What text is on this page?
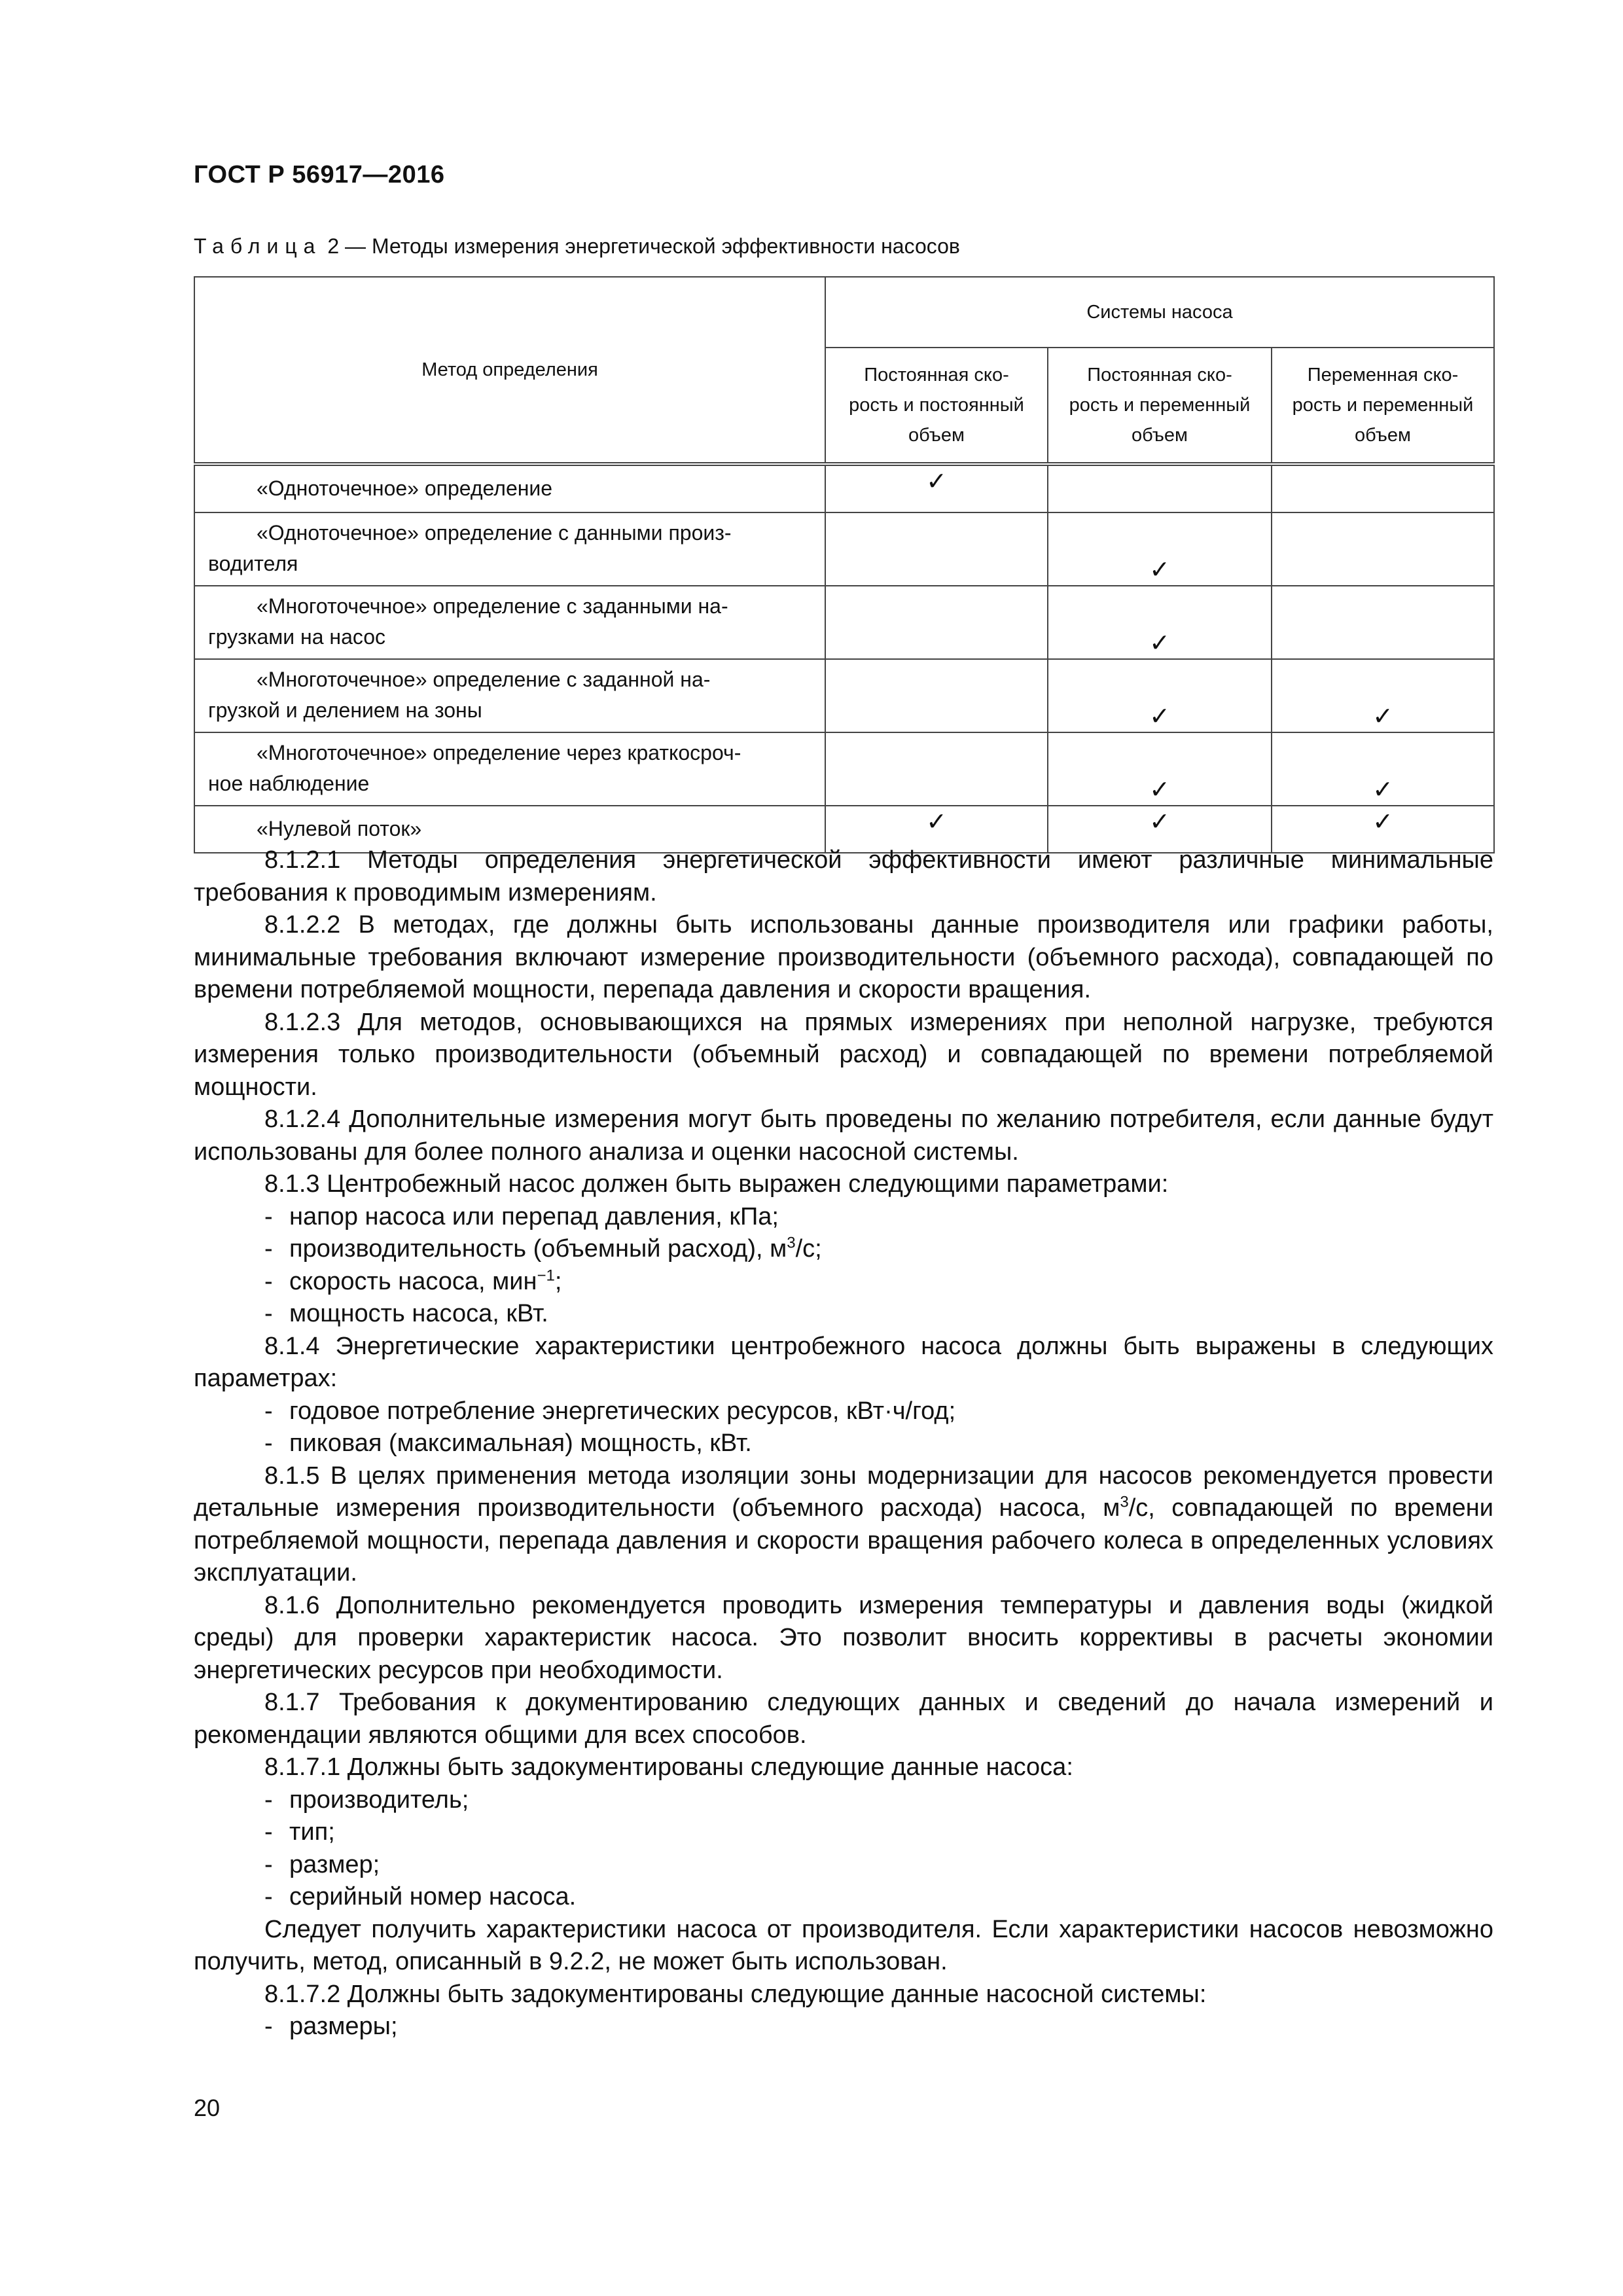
ГОСТ Р 56917—2016
Таблица 2 — Методы измерения энергетической эффективности насосов
Метод определения	Системы насоса		
	Постоянная ско-
рость и постоянный
объем	Постоянная ско-
рость и переменный
объем	Переменная ско-
рость и переменный
объем
«Одноточечное» определение	✓		
«Одноточечное» определение с данными произ-
водителя		✓	
«Многоточечное» определение с заданными на-
грузками на насос		✓	
«Многоточечное» определение с заданной на-
грузкой и делением на зоны		✓	✓
«Многоточечное» определение через краткосроч-
ное наблюдение		✓	✓
«Нулевой поток»	✓	✓	✓

8.1.2.1 Методы определения энергетической эффективности имеют различные минимальные требования к проводимым измерениям.

8.1.2.2 В методах, где должны быть использованы данные производителя или графики работы, минимальные требования включают измерение производительности (объемного расхода), совпадающей по времени потребляемой мощности, перепада давления и скорости вращения.

8.1.2.3 Для методов, основывающихся на прямых измерениях при неполной нагрузке, требуются измерения только производительности (объемный расход) и совпадающей по времени потребляемой мощности.

8.1.2.4 Дополнительные измерения могут быть проведены по желанию потребителя, если данные будут использованы для более полного анализа и оценки насосной системы.

8.1.3 Центробежный насос должен быть выражен следующими параметрами:

- напор насоса или перепад давления, кПа;

- производительность (объемный расход), $м^3/с$;

- скорость насоса, мин$^{-1}$;

- мощность насоса, кВт.

8.1.4 Энергетические характеристики центробежного насоса должны быть выражены в следующих параметрах:

- годовое потребление энергетических ресурсов, кВт·ч/год;

- пиковая (максимальная) мощность, кВт.

8.1.5 В целях применения метода изоляции зоны модернизации для насосов рекомендуется провести детальные измерения производительности (объемного расхода) насоса, $м^3/с$, совпадающей по времени потребляемой мощности, перепада давления и скорости вращения рабочего колеса в определенных условиях эксплуатации.

8.1.6 Дополнительно рекомендуется проводить измерения температуры и давления воды (жидкой среды) для проверки характеристик насоса. Это позволит вносить коррективы в расчеты экономии энергетических ресурсов при необходимости.

8.1.7 Требования к документированию следующих данных и сведений до начала измерений и рекомендации являются общими для всех способов.

8.1.7.1 Должны быть задокументированы следующие данные насоса:

- производитель;

- тип;

- размер;

- серийный номер насоса.

Следует получить характеристики насоса от производителя. Если характеристики насосов невозможно получить, метод, описанный в 9.2.2, не может быть использован.

8.1.7.2 Должны быть задокументированы следующие данные насосной системы:

- размеры;

20
